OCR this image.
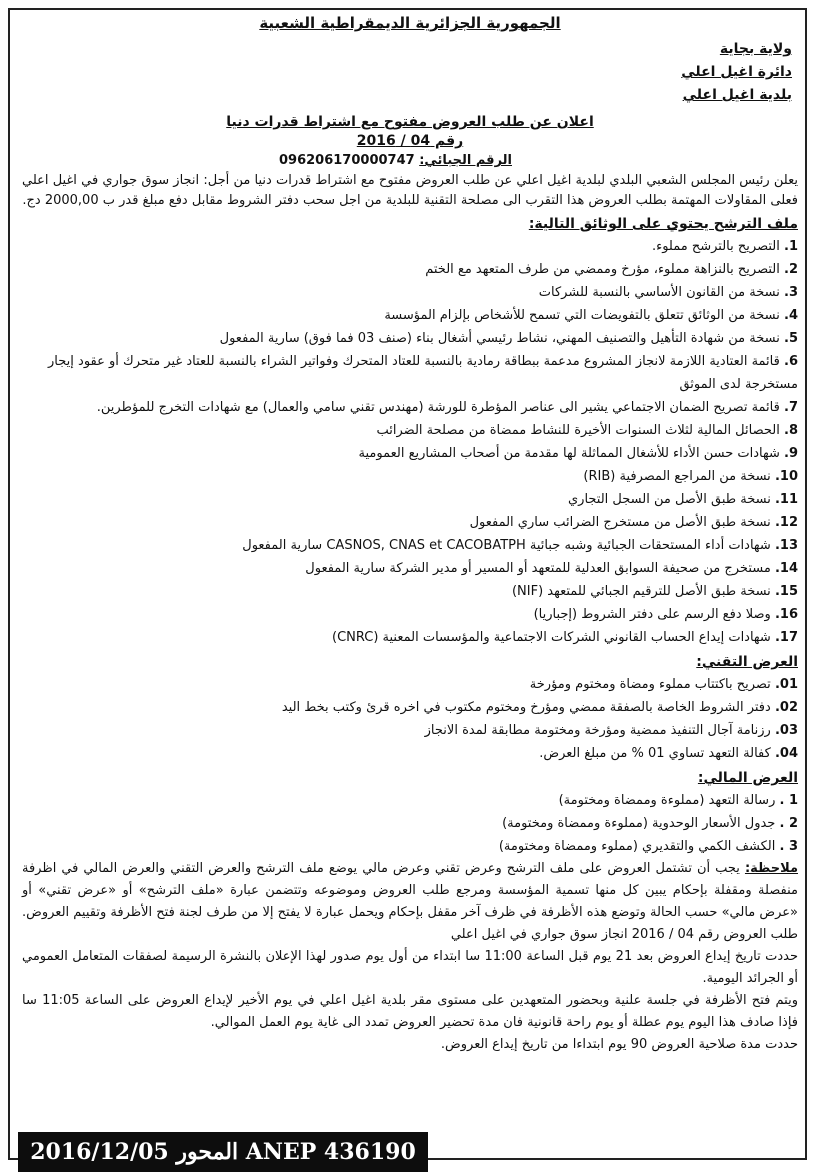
الجمهورية الجزائرية الديمقراطية الشعبية

ولاية بجاية

دائرة اغيل اعلي

بلدية اغيل اعلي

اعلان عن طلب العروض مفتوح مع اشتراط قدرات دنيا

رقم 04 / 2016

الرقم الجبائي: 096206170000747

يعلن رئيس المجلس الشعبي البلدي لبلدية اغيل اعلي عن طلب العروض مفتوح مع اشتراط قدرات دنيا من أجل: انجاز سوق جواري في اغيل اعلي فعلى المقاولات المهتمة بطلب العروض هذا التقرب الى مصلحة التقنية للبلدية من اجل سحب دفتر الشروط مقابل دفع مبلغ قدر ب 2000,00 دج.

ملف الترشح يحتوي على الوثائق التالية:

1. التصريح بالترشح مملوء.
2. التصريح بالنزاهة مملوء، مؤرخ وممضي من طرف المتعهد مع الختم
3. نسخة من القانون الأساسي بالنسبة للشركات
4. نسخة من الوثائق تتعلق بالتفويضات التي تسمح للأشخاص بإلزام المؤسسة
5. نسخة من شهادة التأهيل والتصنيف المهني، نشاط رئيسي أشغال بناء (صنف 03 فما فوق) سارية المفعول
6. قائمة العتادية اللازمة لانجاز المشروع مدعمة ببطاقة رمادية بالنسبة للعتاد المتحرك وفواتير الشراء بالنسبة للعتاد غير متحرك أو عقود إيجار مستخرجة لدى الموثق
7. قائمة تصريح الضمان الاجتماعي يشير الى عناصر المؤطرة للورشة (مهندس تقني سامي والعمال) مع شهادات التخرج للمؤطرين.
8. الحصائل المالية لثلاث السنوات الأخيرة للنشاط ممضاة من مصلحة الضرائب
9. شهادات حسن الأداء للأشغال المماثلة لها مقدمة من أصحاب المشاريع العمومية
10. نسخة من المراجع المصرفية (RIB)
11. نسخة طبق الأصل من السجل التجاري
12. نسخة طبق الأصل من مستخرج الضرائب ساري المفعول
13. شهادات أداء المستحقات الجبائية وشبه جبائية CASNOS, CNAS et CACOBATPH سارية المفعول
14. مستخرج من صحيفة السوابق العدلية للمتعهد أو المسير أو مدير الشركة سارية المفعول
15. نسخة طبق الأصل للترقيم الجبائي للمتعهد (NIF)
16. وصلا دفع الرسم على دفتر الشروط (إجباريا)
17. شهادات إيداع الحساب القانوني الشركات الاجتماعية والمؤسسات المعنية (CNRC)

العرض التقني:

01. تصريح باكتتاب مملوء ومضاة ومختوم ومؤرخة
02. دفتر الشروط الخاصة بالصفقة ممضي ومؤرخ ومختوم مكتوب في اخره قرئ وكتب بخط اليد
03. رزنامة آجال التنفيذ ممضية ومؤرخة ومختومة مطابقة لمدة الانجاز
04. كفالة التعهد تساوي 01 % من مبلغ العرض.

العرض المالي:

1 . رسالة التعهد (مملوءة وممضاة ومختومة)
2 . جدول الأسعار الوحدوية (مملوءة وممضاة ومختومة)
3 . الكشف الكمي والتقديري (مملوء وممضاة ومختومة)

ملاحظة: يجب أن تشتمل العروض على ملف الترشح وعرض تقني وعرض مالي يوضع ملف الترشح والعرض التقني والعرض المالي في اظرفة منفصلة ومقفلة بإحكام يبين كل منها تسمية المؤسسة ومرجع طلب العروض وموضوعه وتتضمن عبارة «ملف الترشح» أو «عرض تقني» أو «عرض مالي» حسب الحالة وتوضع هذه الأظرفة في ظرف آخر مقفل بإحكام ويحمل عبارة لا يفتح إلا من طرف لجنة فتح الأظرفة وتقييم العروض. طلب العروض رقم 04 / 2016 انجاز سوق جواري في اغيل اعلي

حددت تاريخ إيداع العروض بعد 21 يوم قبل الساعة 11:00 سا ابتداء من أول يوم صدور لهذا الإعلان بالنشرة الرسيمة لصفقات المتعامل العمومي أو الجرائد اليومية.

ويتم فتح الأظرفة في جلسة علنية وبحضور المتعهدين على مستوى مقر بلدية اغيل اعلي في يوم الأخير لإيداع العروض على الساعة 11:05 سا فإذا صادف هذا اليوم يوم عطلة أو يوم راحة قانونية فان مدة تحضير العروض تمدد الى غاية يوم العمل الموالي.

حددت مدة صلاحية العروض 90 يوم ابتداءا من تاريخ إيداع العروض.

ANEP 436190 المحور 2016/12/05
